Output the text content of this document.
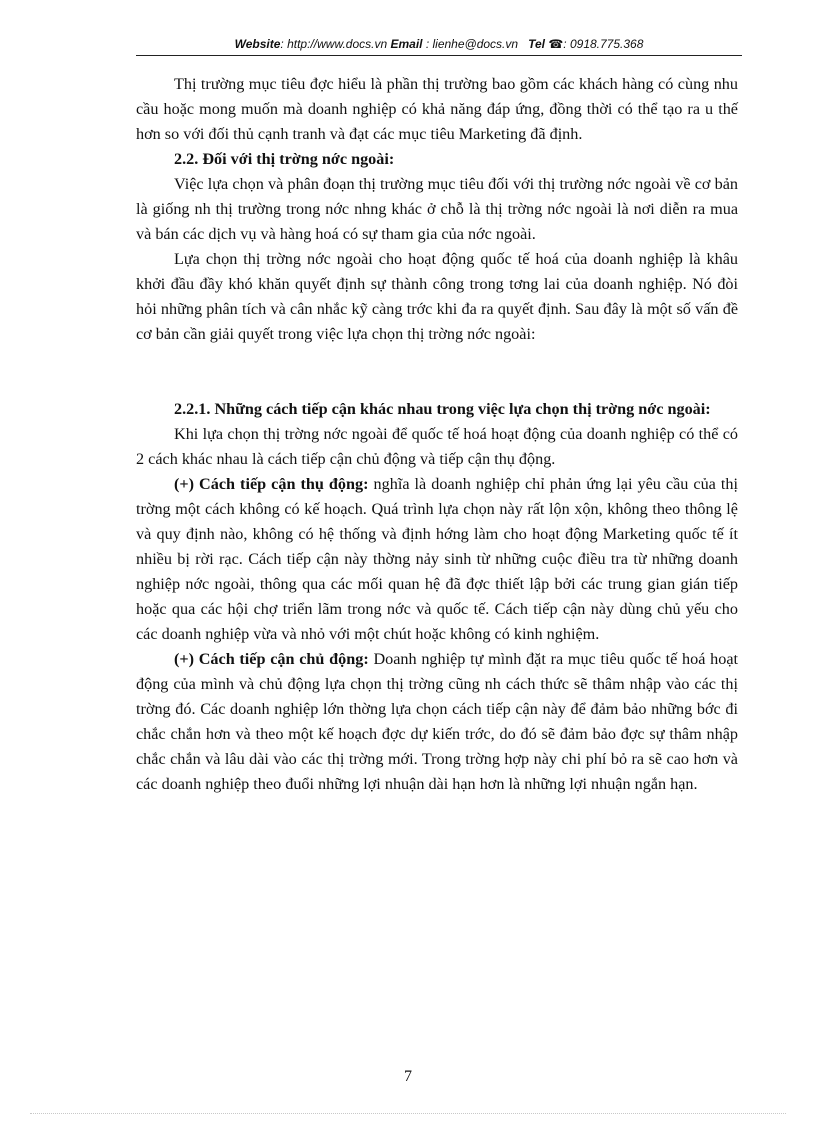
Website: http://www.docs.vn Email : lienhe@docs.vn Tel ☎: 0918.775.368

Thị trường mục tiêu đợc hiểu là phần thị trường bao gồm các khách hàng có cùng nhu cầu hoặc mong muốn mà doanh nghiệp có khả năng đáp ứng, đồng thời có thể tạo ra u thế hơn so với đối thủ cạnh tranh và đạt các mục tiêu Marketing đã định.

2.2. Đối với thị trờng nớc ngoài:

Việc lựa chọn và phân đoạn thị trường mục tiêu đối với thị trường nớc ngoài về cơ bản là giống nh thị trường trong nớc nhng khác ở chỗ là thị trờng nớc ngoài là nơi diễn ra mua và bán các dịch vụ và hàng hoá có sự tham gia của nớc ngoài.

Lựa chọn thị trờng nớc ngoài cho hoạt động quốc tế hoá của doanh nghiệp là khâu khởi đầu đầy khó khăn quyết định sự thành công trong tơng lai của doanh nghiệp. Nó đòi hỏi những phân tích và cân nhắc kỹ càng trớc khi đa ra quyết định. Sau đây là một số vấn đề cơ bản cần giải quyết trong việc lựa chọn thị trờng nớc ngoài:

2.2.1. Những cách tiếp cận khác nhau trong việc lựa chọn thị trờng nớc ngoài:

Khi lựa chọn thị trờng nớc ngoài để quốc tế hoá hoạt động của doanh nghiệp có thể có 2 cách khác nhau là cách tiếp cận chủ động và tiếp cận thụ động.

(+) Cách tiếp cận thụ động: nghĩa là doanh nghiệp chỉ phản ứng lại yêu cầu của thị trờng một cách không có kế hoạch. Quá trình lựa chọn này rất lộn xộn, không theo thông lệ và quy định nào, không có hệ thống và định hớng làm cho hoạt động Marketing quốc tế ít nhiều bị rời rạc. Cách tiếp cận này thờng nảy sinh từ những cuộc điều tra từ những doanh nghiệp nớc ngoài, thông qua các mối quan hệ đã đợc thiết lập bởi các trung gian gián tiếp hoặc qua các hội chợ triển lãm trong nớc và quốc tế. Cách tiếp cận này dùng chủ yếu cho các doanh nghiệp vừa và nhỏ với một chút hoặc không có kinh nghiệm.

(+) Cách tiếp cận chủ động: Doanh nghiệp tự mình đặt ra mục tiêu quốc tế hoá hoạt động của mình và chủ động lựa chọn thị trờng cũng nh cách thức sẽ thâm nhập vào các thị trờng đó. Các doanh nghiệp lớn thờng lựa chọn cách tiếp cận này để đảm bảo những bớc đi chắc chắn hơn và theo một kế hoạch đợc dự kiến trớc, do đó sẽ đảm bảo đợc sự thâm nhập chắc chắn và lâu dài vào các thị trờng mới. Trong trờng hợp này chi phí bỏ ra sẽ cao hơn và các doanh nghiệp theo đuổi những lợi nhuận dài hạn hơn là những lợi nhuận ngắn hạn.

7
